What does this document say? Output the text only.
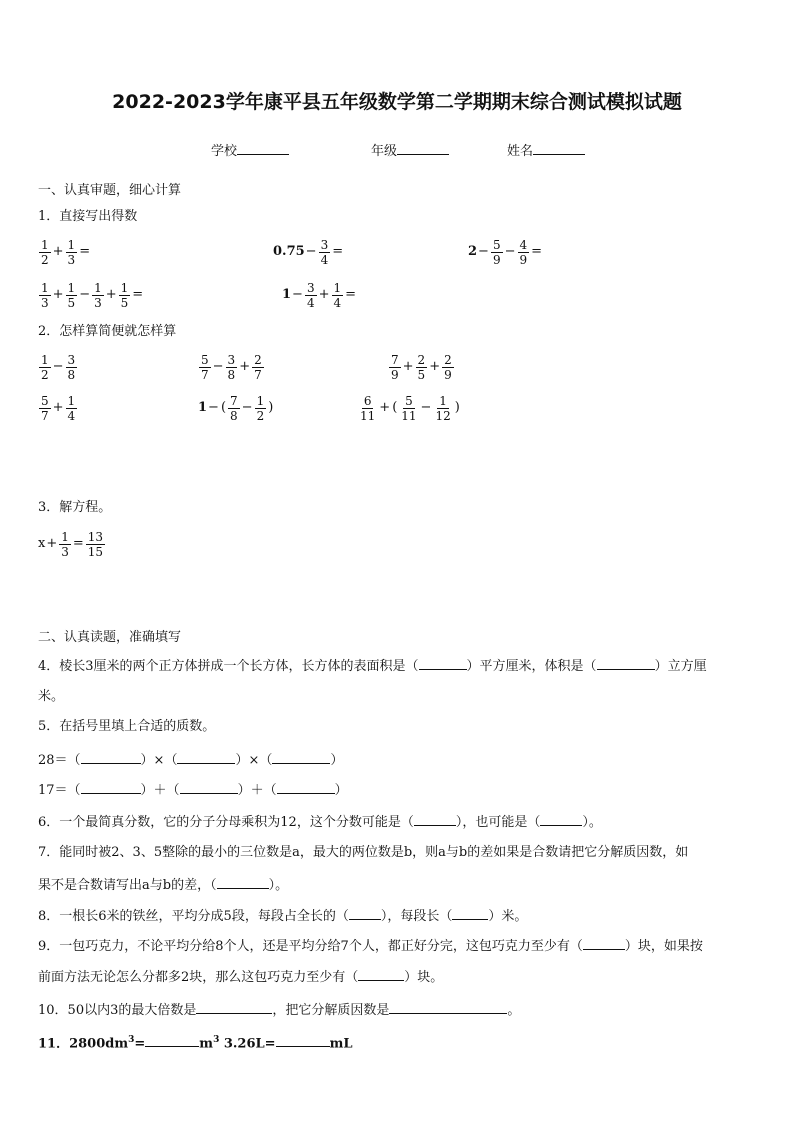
2022-2023学年康平县五年级数学第二学期期末综合测试模拟试题
学校	年级	姓名
一、认真审题，细心计算
1．直接写出得数
$\frac{1}{2} + \frac{1}{3}$ =	$0.75 - \frac{3}{4}$ =	$2 - \frac{5}{9} - \frac{4}{9}$ =
$\frac{1}{3} + \frac{1}{5} - \frac{1}{3} + \frac{1}{5}$ =	$1 - \frac{3}{4} + \frac{1}{4}$ =
2．怎样算简便就怎样算
$\frac{1}{2} - \frac{3}{8}$	$\frac{5}{7} - \frac{3}{8} + \frac{2}{7}$	$\frac{7}{9} + \frac{2}{5} + \frac{2}{9}$
$\frac{5}{7} + \frac{1}{4}$	1 − ( $\frac{7}{8} - \frac{1}{2}$ )	$\frac{6}{11}$ + ( $\frac{5}{11} - \frac{1}{12}$ )
3．解方程。
$x + \frac{1}{3} = \frac{13}{15}$
二、认真读题，准确填写
4．棱长3厘米的两个正方体拼成一个长方体，长方体的表面积是（	）平方厘米，体积是（	）立方厘
米。
5．在括号里填上合适的质数。
28＝（	）×（	）×（	）
17＝（	）＋（	）＋（	）
6．一个最简真分数，它的分子分母乘积为12，这个分数可能是（	），也可能是（	）。
7．能同时被2、3、5整除的最小的三位数是a，最大的两位数是b，则a与b的差如果是合数请把它分解质因数，如
果不是合数请写出a与b的差，（	）。
8．一根长6米的铁丝，平均分成5段，每段占全长的（ ），每段长（	）米。
9．一包巧克力，不论平均分给8个人，还是平均分给7个人，都正好分完，这包巧克力至少有（	）块，如果按
前面方法无论怎么分都多2块，那么这包巧克力至少有（	）块。
10．50以内3的最大倍数是	，把它分解质因数是	。
11．$2800dm^3=$	$m^3$ 3.26L=	mL
